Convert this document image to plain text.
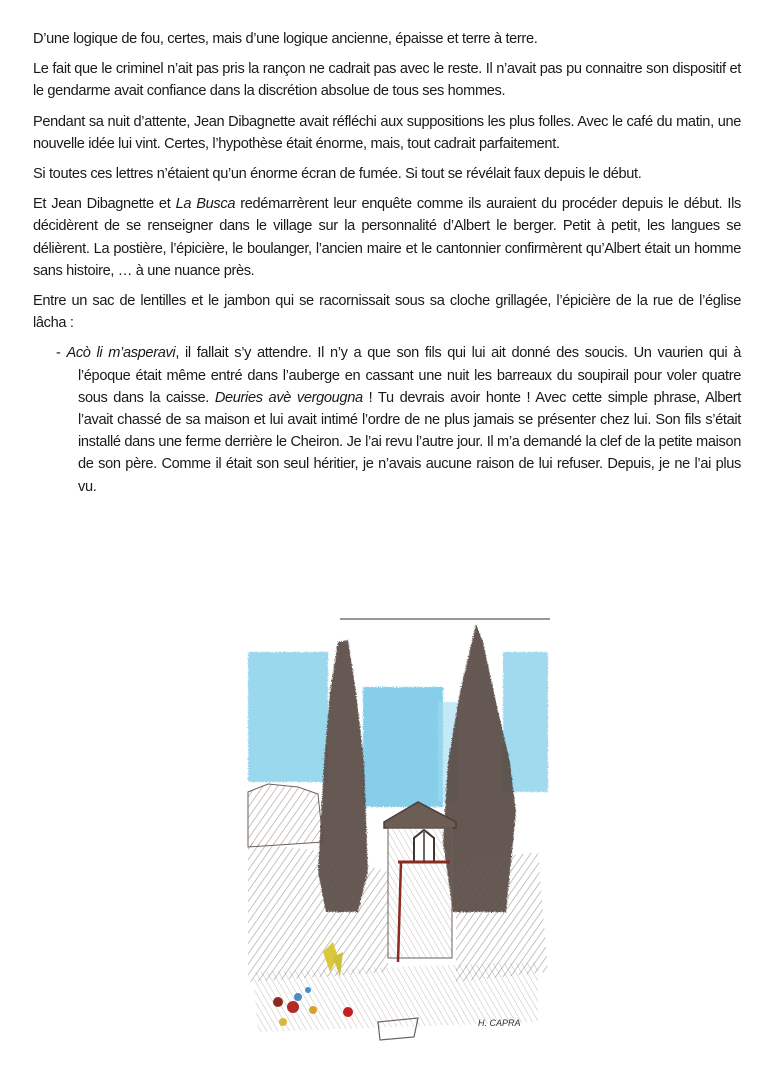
D’une logique de fou, certes, mais d’une logique ancienne, épaisse et terre à terre.

Le fait que le criminel n’ait pas pris la rançon ne cadrait pas avec le reste. Il n’avait pas pu connaitre son dispositif et le gendarme avait confiance dans la discrétion absolue de tous ses hommes.

Pendant sa nuit d’attente, Jean Dibagnette avait réfléchi aux suppositions les plus folles. Avec le café du matin, une nouvelle idée lui vint. Certes, l’hypothèse était énorme, mais, tout cadrait parfaitement.

Si toutes ces lettres n’étaient qu’un énorme écran de fumée. Si tout se révélait faux depuis le début.

Et Jean Dibagnette et La Busca redémarrèrent leur enquête comme ils auraient du procéder depuis le début. Ils décidèrent de se renseigner dans le village sur la personnalité d’Albert le berger. Petit à petit, les langues se délièrent. La postière, l’épicière, le boulanger, l’ancien maire et le cantonnier confirmèrent qu’Albert était un homme sans histoire, … à une nuance près.

Entre un sac de lentilles et le jambon qui se racornissait sous sa cloche grillagée, l’épicière de la rue de l’église lâcha :

- Acò li m’asperavi, il fallait s’y attendre. Il n’y a que son fils qui lui ait donné des soucis. Un vaurien qui à l’époque était même entré dans l’auberge en cassant une nuit les barreaux du soupirail pour voler quatre sous dans la caisse. Deuries avè vergougna ! Tu devrais avoir honte ! Avec cette simple phrase, Albert l’avait chassé de sa maison et lui avait intimé l’ordre de ne plus jamais se présenter chez lui. Son fils s’était installé dans une ferme derrière le Cheiron. Je l’ai revu l’autre jour. Il m’a demandé la clef de la petite maison de son père. Comme il était son seul héritier, je n’avais aucune raison de lui refuser. Depuis, je ne l’ai plus vu.

H. CAPRA
